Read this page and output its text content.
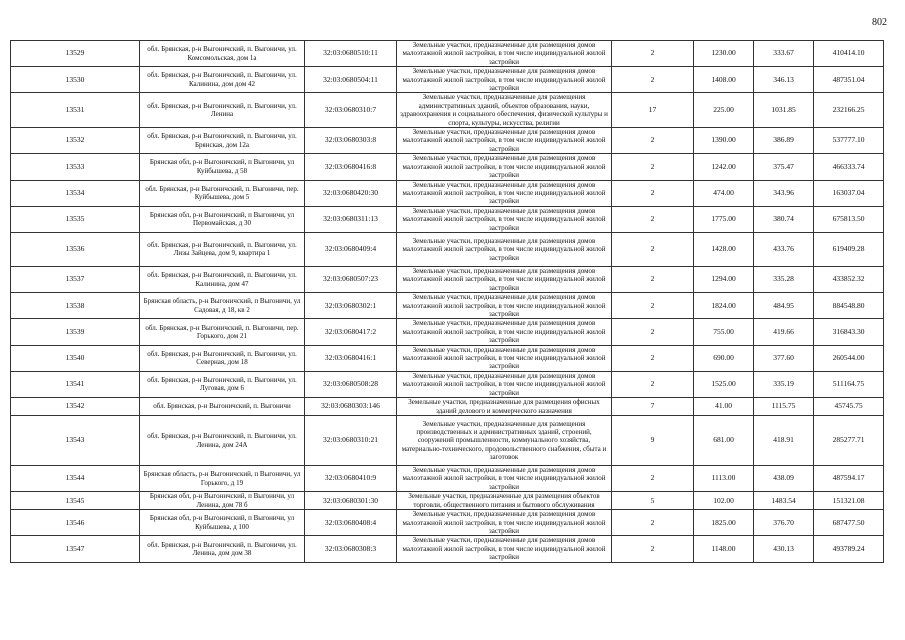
802
13529	обл. Брянская, р-н Выгоничский, п. Выгоничи, ул. Комсомольская, дом 1а	32:03:0680510:11	Земельные участки, предназначенные для размещения домов малоэтажной жилой застройки, в том числе индивидуальной жилой застройки	2	1230.00	333.67	410414.10
13530	обл. Брянская, р-н Выгоничский, п. Выгоничи, ул. Калинина, дом дом 42	32:03:0680504:11	Земельные участки, предназначенные для размещения домов малоэтажной жилой застройки, в том числе индивидуальной жилой застройки	2	1408.00	346.13	487351.04
13531	обл. Брянская, р-н Выгоничский, п. Выгоничи, ул. Ленина	32:03:0680310:7	Земельные участки, предназначенные для размещения административных зданий, объектов образования, науки, здравоохранения и социального обеспечения, физической культуры и спорта, культуры, искусства, религии	17	225.00	1031.85	232166.25
13532	обл. Брянская, р-н Выгоничский, п. Выгоничи, ул. Брянская, дом 12а	32:03:0680303:8	Земельные участки, предназначенные для размещения домов малоэтажной жилой застройки, в том числе индивидуальной жилой застройки	2	1390.00	386.89	537777.10
13533	Брянская обл, р-н Выгоничский, п Выгоничи, ул Куйбышева, д 58	32:03:0680416:8	Земельные участки, предназначенные для размещения домов малоэтажной жилой застройки, в том числе индивидуальной жилой застройки	2	1242.00	375.47	466333.74
13534	обл. Брянская, р-н Выгоничский, п. Выгоничи, пер. Куйбышева, дом 5	32:03:0680420:30	Земельные участки, предназначенные для размещения домов малоэтажной жилой застройки, в том числе индивидуальной жилой застройки	2	474.00	343.96	163037.04
13535	Брянская обл, р-н Выгоничский, п Выгоничи, ул Первомайская, д 30	32:03:0680311:13	Земельные участки, предназначенные для размещения домов малоэтажной жилой застройки, в том числе индивидуальной жилой застройки	2	1775.00	380.74	675813.50
13536	обл. Брянская, р-н Выгоничский, п. Выгоничи, ул. Лизы Зайцева, дом 9, квартира 1	32:03:0680409:4	Земельные участки, предназначенные для размещения домов малоэтажной жилой застройки, в том числе индивидуальной жилой застройки	2	1428.00	433.76	619409.28
13537	обл. Брянская, р-н Выгоничский, п. Выгоничи, ул. Калинина, дом 47	32:03:0680507:23	Земельные участки, предназначенные для размещения домов малоэтажной жилой застройки, в том числе индивидуальной жилой застройки	2	1294.00	335.28	433852.32
13538	Брянская область, р-н Выгоничский, п Выгоничи, ул Садовая, д 18, кв 2	32:03:0680302:1	Земельные участки, предназначенные для размещения домов малоэтажной жилой застройки, в том числе индивидуальной жилой застройки	2	1824.00	484.95	884548.80
13539	обл. Брянская, р-н Выгоничский, п. Выгоничи, пер. Горького, дом 21	32:03:0680417:2	Земельные участки, предназначенные для размещения домов малоэтажной жилой застройки, в том числе индивидуальной жилой застройки	2	755.00	419.66	316843.30
13540	обл. Брянская, р-н Выгоничский, п. Выгоничи, ул. Северная, дом 18	32:03:0680416:1	Земельные участки, предназначенные для размещения домов малоэтажной жилой застройки, в том числе индивидуальной жилой застройки	2	690.00	377.60	260544.00
13541	обл. Брянская, р-н Выгоничский, п. Выгоничи, ул. Луговая, дом 6	32:03:0680508:28	Земельные участки, предназначенные для размещения домов малоэтажной жилой застройки, в том числе индивидуальной жилой застройки	2	1525.00	335.19	511164.75
13542	обл. Брянская, р-н Выгоничский, п. Выгоничи	32:03:0680303:146	Земельные участки, предназначенные для размещения офисных зданий делового и коммерческого назначения	7	41.00	1115.75	45745.75
13543	обл. Брянская, р-н Выгоничский, п. Выгоничи, ул. Ленина, дом 24А	32:03:0680310:21	Земельные участки, предназначенные для размещения производственных и административных зданий, строений, сооружений промышленности, коммунального хозяйства, материально-технического, продовольственного снабжения, сбыта и заготовок	9	681.00	418.91	285277.71
13544	Брянская область, р-н Выгоничский, п Выгоничи, ул Горького, д 19	32:03:0680410:9	Земельные участки, предназначенные для размещения домов малоэтажной жилой застройки, в том числе индивидуальной жилой застройки	2	1113.00	438.09	487594.17
13545	Брянская обл, р-н Выгоничский, п Выгоничи, ул Ленина, дом 78 б	32:03:0680301:30	Земельные участки, предназначенные для размещения объектов торговли, общественного питания и бытового обслуживания	5	102.00	1483.54	151321.08
13546	Брянская обл, р-н Выгоничский, п Выгоничи, ул Куйбышева, д 100	32:03:0680408:4	Земельные участки, предназначенные для размещения домов малоэтажной жилой застройки, в том числе индивидуальной жилой застройки	2	1825.00	376.70	687477.50
13547	обл. Брянская, р-н Выгоничский, п. Выгоничи, ул. Ленина, дом дом 38	32:03:0680308:3	Земельные участки, предназначенные для размещения домов малоэтажной жилой застройки, в том числе индивидуальной жилой застройки	2	1148.00	430.13	493789.24
